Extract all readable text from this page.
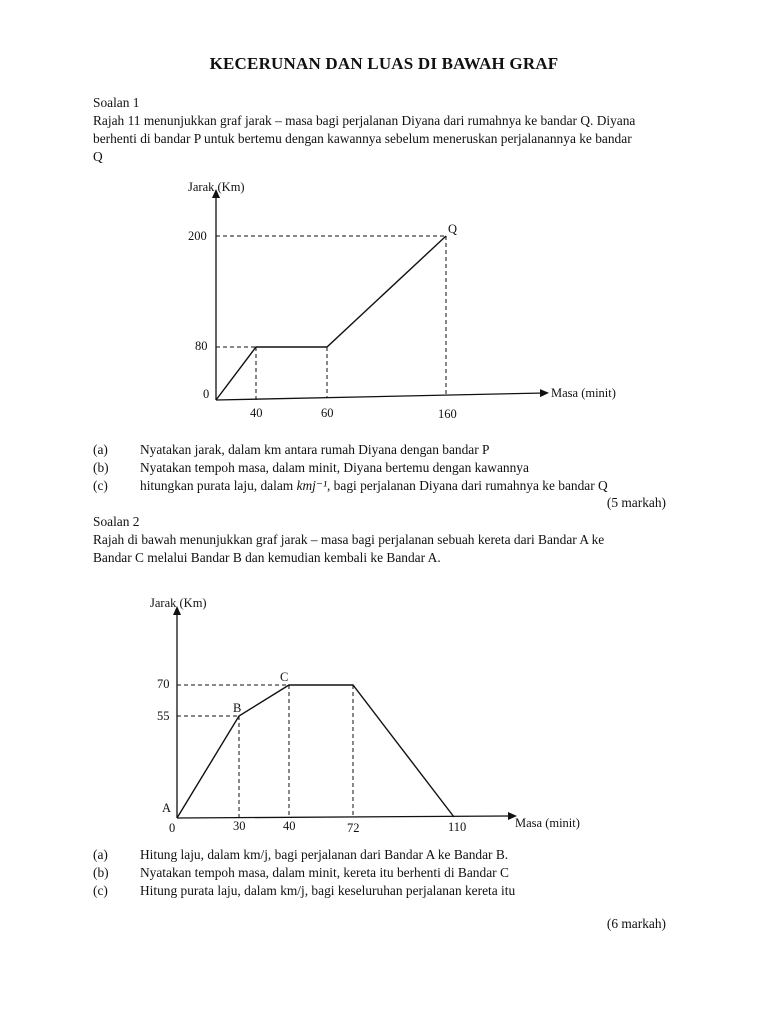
KECERUNAN DAN LUAS DI BAWAH GRAF
Soalan 1
Rajah 11 menunjukkan graf jarak – masa bagi perjalanan Diyana dari rumahnya ke bandar Q. Diyana
berhenti di bandar P untuk bertemu dengan kawannya sebelum meneruskan perjalanannya ke bandar
Q
Jarak (Km)
Masa (minit)
Q
0
200
80
40	60	160
(a) Nyatakan jarak, dalam km antara rumah Diyana dengan bandar P
(b) Nyatakan tempoh masa, dalam minit, Diyana bertemu dengan kawannya
(c) hitungkan purata laju, dalam kmj⁻¹, bagi perjalanan Diyana dari rumahnya ke bandar Q
(5 markah)
Soalan 2
Rajah di bawah menunjukkan graf jarak – masa bagi perjalanan sebuah kereta dari Bandar A ke
Bandar C melalui Bandar B dan kemudian kembali ke Bandar A.
Jarak (Km)
Masa (minit)
A
B
C
0
70
55
30	40	72	110
(a) Hitung laju, dalam km/j, bagi perjalanan dari Bandar A ke Bandar B.
(b) Nyatakan tempoh masa, dalam minit, kereta itu berhenti di Bandar C
(c) Hitung purata laju, dalam km/j, bagi keseluruhan perjalanan kereta itu
(6 markah)
